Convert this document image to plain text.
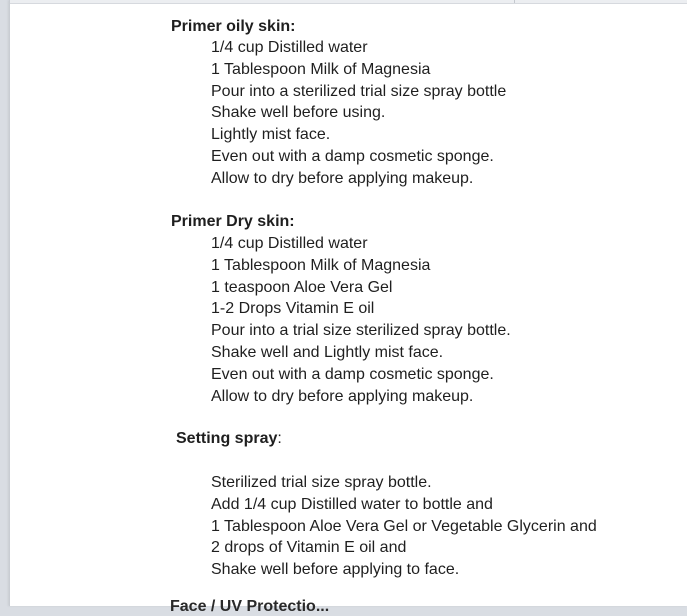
Primer oily skin:
1/4 cup Distilled water
1 Tablespoon Milk of Magnesia
Pour into a sterilized trial size spray bottle
Shake well before using.
Lightly mist face.
Even out with a damp cosmetic sponge.
Allow to dry before applying makeup.
Primer Dry skin:
1/4 cup Distilled water
1 Tablespoon Milk of Magnesia
1 teaspoon Aloe Vera Gel
1-2 Drops Vitamin E oil
Pour into a trial size sterilized spray bottle.
Shake well and Lightly mist face.
Even out with a damp cosmetic sponge.
Allow to dry before applying makeup.
Setting spray:
Sterilized trial size spray bottle.
Add 1/4 cup Distilled water to bottle and
1 Tablespoon Aloe Vera Gel or Vegetable Glycerin and
2 drops of Vitamin E oil and
Shake well before applying to face.
Face / UV Protectio...
